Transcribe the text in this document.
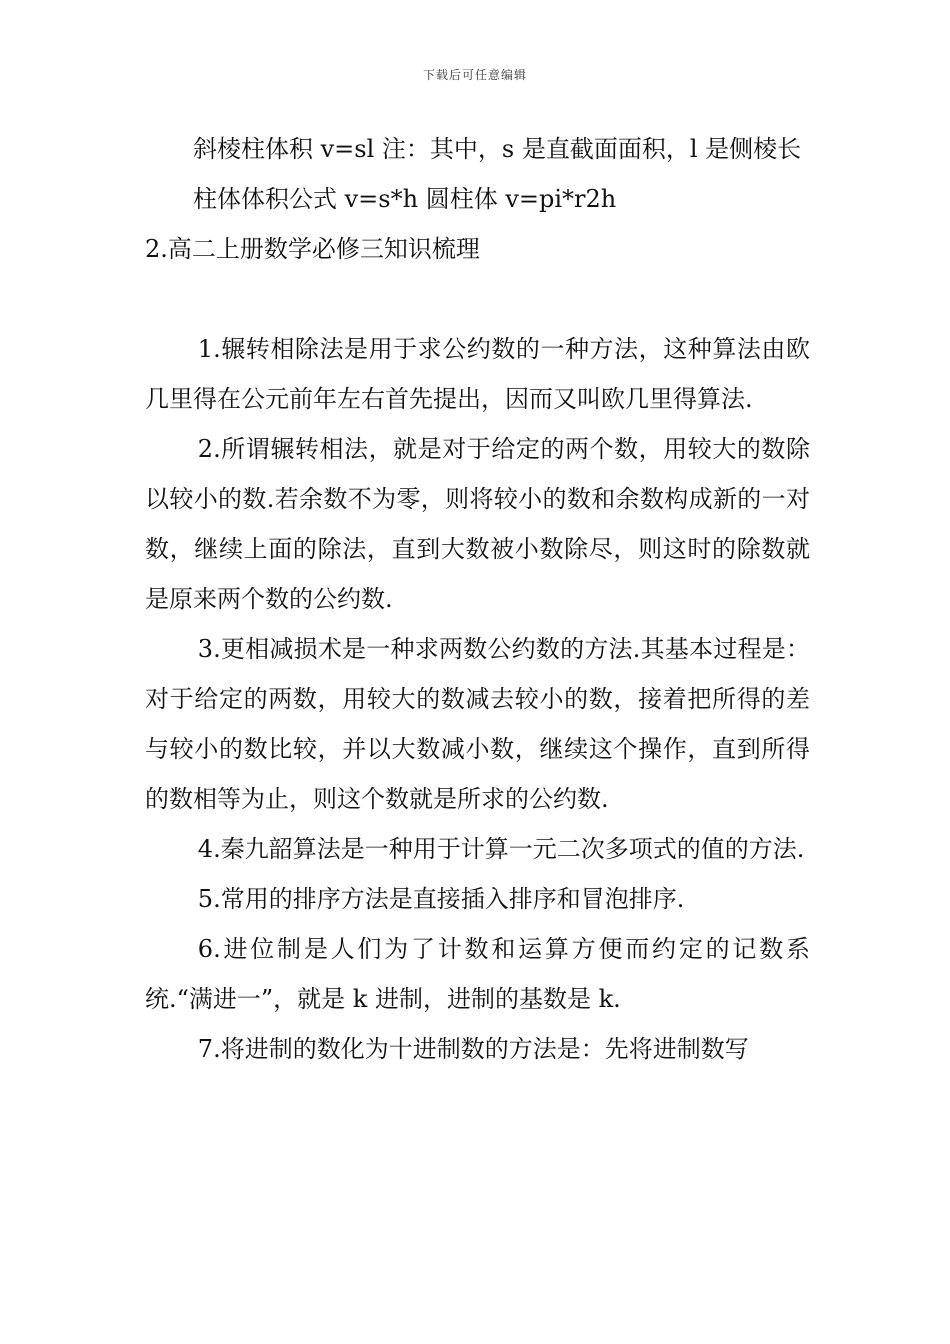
下载后可任意编辑

斜棱柱体积 v=sl 注：其中，s 是直截面面积，l 是侧棱长

柱体体积公式 v=s*h 圆柱体 v=pi*r2h

2.高二上册数学必修三知识梳理

1.辗转相除法是用于求公约数的一种方法，这种算法由欧几里得在公元前年左右首先提出，因而又叫欧几里得算法.

2.所谓辗转相法，就是对于给定的两个数，用较大的数除以较小的数.若余数不为零，则将较小的数和余数构成新的一对数，继续上面的除法，直到大数被小数除尽，则这时的除数就是原来两个数的公约数.

3.更相减损术是一种求两数公约数的方法.其基本过程是：对于给定的两数，用较大的数减去较小的数，接着把所得的差与较小的数比较，并以大数减小数，继续这个操作，直到所得的数相等为止，则这个数就是所求的公约数.

4.秦九韶算法是一种用于计算一元二次多项式的值的方法.

5.常用的排序方法是直接插入排序和冒泡排序.

6.进位制是人们为了计数和运算方便而约定的记数系统.“满进一”，就是 k 进制，进制的基数是 k.

7.将进制的数化为十进制数的方法是：先将进制数写
